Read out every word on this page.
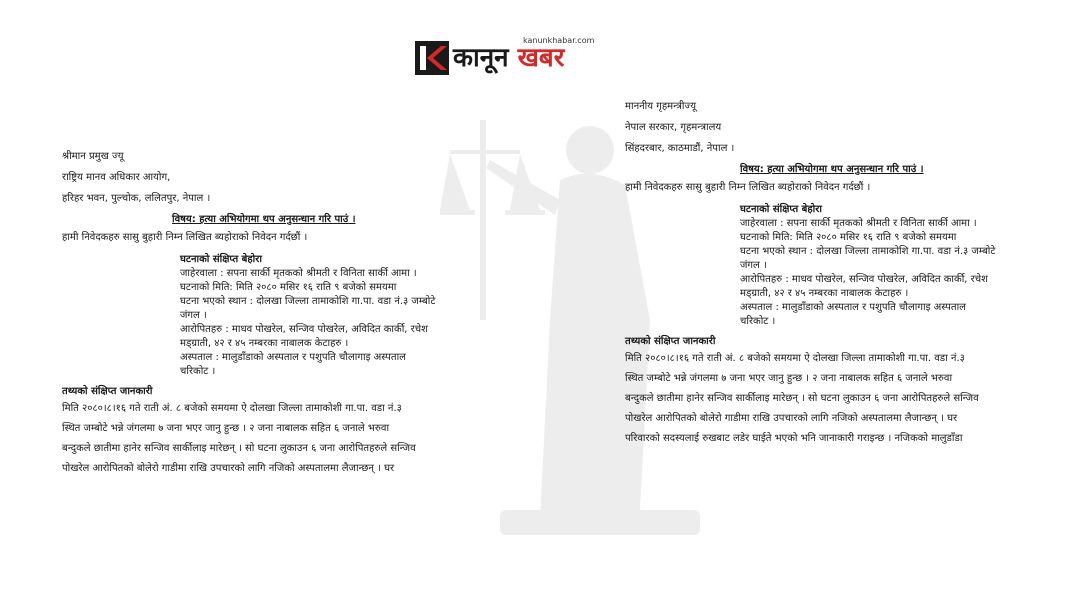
कानून खबर
kanunkhabar.com

श्रीमान प्रमुख ज्यू

राष्ट्रिय मानव अधिकार आयोग,

हरिहर भवन, पुल्चोक, ललितपुर, नेपाल ।

विषय: हत्या अभियोगमा थप अनुसन्धान गरि पाउं ।

हामी निवेदकहरु सासु बुहारी निम्न लिखित ब्यहोराको निवेदन गर्दछौं ।

घटनाको संक्षिप्त बेहोरा

जाहेरवाला : सपना सार्की मृतकको श्रीमती र विनिता सार्की आमा ।

घटनाको मिति: मिति २०८० मसिर १६ राति ९ बजेको समयमा

घटना भएको स्थान : दोलखा जिल्ला तामाकोशि गा.पा. वडा नं.३ जम्बोटे

जंगल ।

आरोपितहरु : माधव पोखरेल, सन्जिव पोखरेल, अविदित कार्की, रचेश

मड्ग्राती, ४२ र ४५ नम्बरका नाबालक केटाहरु ।

अस्पताल : मालुडाँडाको अस्पताल र पशुपति चौलागाइ अस्पताल

चरिकोट ।

तथ्यको संक्षिप्त जानकारी

मिति २०८०।८।१६ गते राती अं. ८ बजेको समयमा ऐ दोलखा जिल्ला तामाकोशी गा.पा. वडा नं.३

स्थित जम्बोटे भन्ने जंगलमा ७ जना भएर जानु हुन्छ । २ जना नाबालक सहित ६ जनाले भरुवा

बन्दुकले छातीमा हानेर सन्जिव सार्कीलाइ मारेछन् । सो घटना लुकाउन ६ जना आरोपितहरुले सन्जिव

पोखरेल आरोपितको बोलेरो गाडीमा राखि उपचारको लागि नजिको अस्पतालमा लैजान्छन् । घर

माननीय गृहमन्त्रीज्यू

नेपाल सरकार, गृहमन्त्रालय

सिंहदरबार, काठमाडौं, नेपाल ।

विषय: हत्या अभियोगमा थप अनुसन्धान गरि पाउं ।

हामी निवेदकहरु सासु बुहारी निम्न लिखित ब्यहोराको निवेदन गर्दछौं ।

घटनाको संक्षिप्त बेहोरा

जाहेरवाला : सपना सार्की मृतकको श्रीमती र विनिता सार्की आमा ।

घटनाको मिति: मिति २०८० मसिर १६ राति ९ बजेको समयमा

घटना भएको स्थान : दोलखा जिल्ला तामाकोशि गा.पा. वडा नं.३ जम्बोटे

जंगल ।

आरोपितहरु : माधव पोखरेल, सन्जिव पोखरेल, अविदित कार्की, रचेश

मड्ग्राती, ४२ र ४५ नम्बरका नाबालक केटाहरु ।

अस्पताल : मालुडाँडाको अस्पताल र पशुपति चौलागाइ अस्पताल

चरिकोट ।

तथ्यको संक्षिप्त जानकारी

मिति २०८०।८।१६ गते राती अं. ८ बजेको समयमा ऐ दोलखा जिल्ला तामाकोशी गा.पा. वडा नं.३

स्थित जम्बोटे भन्ने जंगलमा ७ जना भएर जानु हुन्छ । २ जना नाबालक सहित ६ जनाले भरुवा

बन्दुकले छातीमा हानेर सन्जिव सार्कीलाइ मारेछन् । सो घटना लुकाउन ६ जना आरोपितहरुले सन्जिव

पोखरेल आरोपितको बोलेरो गाडीमा राखि उपचारको लागि नजिको अस्पतालमा लैजान्छन् । घर

परिवारको सदस्यलाई रुखबाट लडेर घाईते भएको भनि जानाकारी गराइन्छ । नजिकको मालुडाँडा
